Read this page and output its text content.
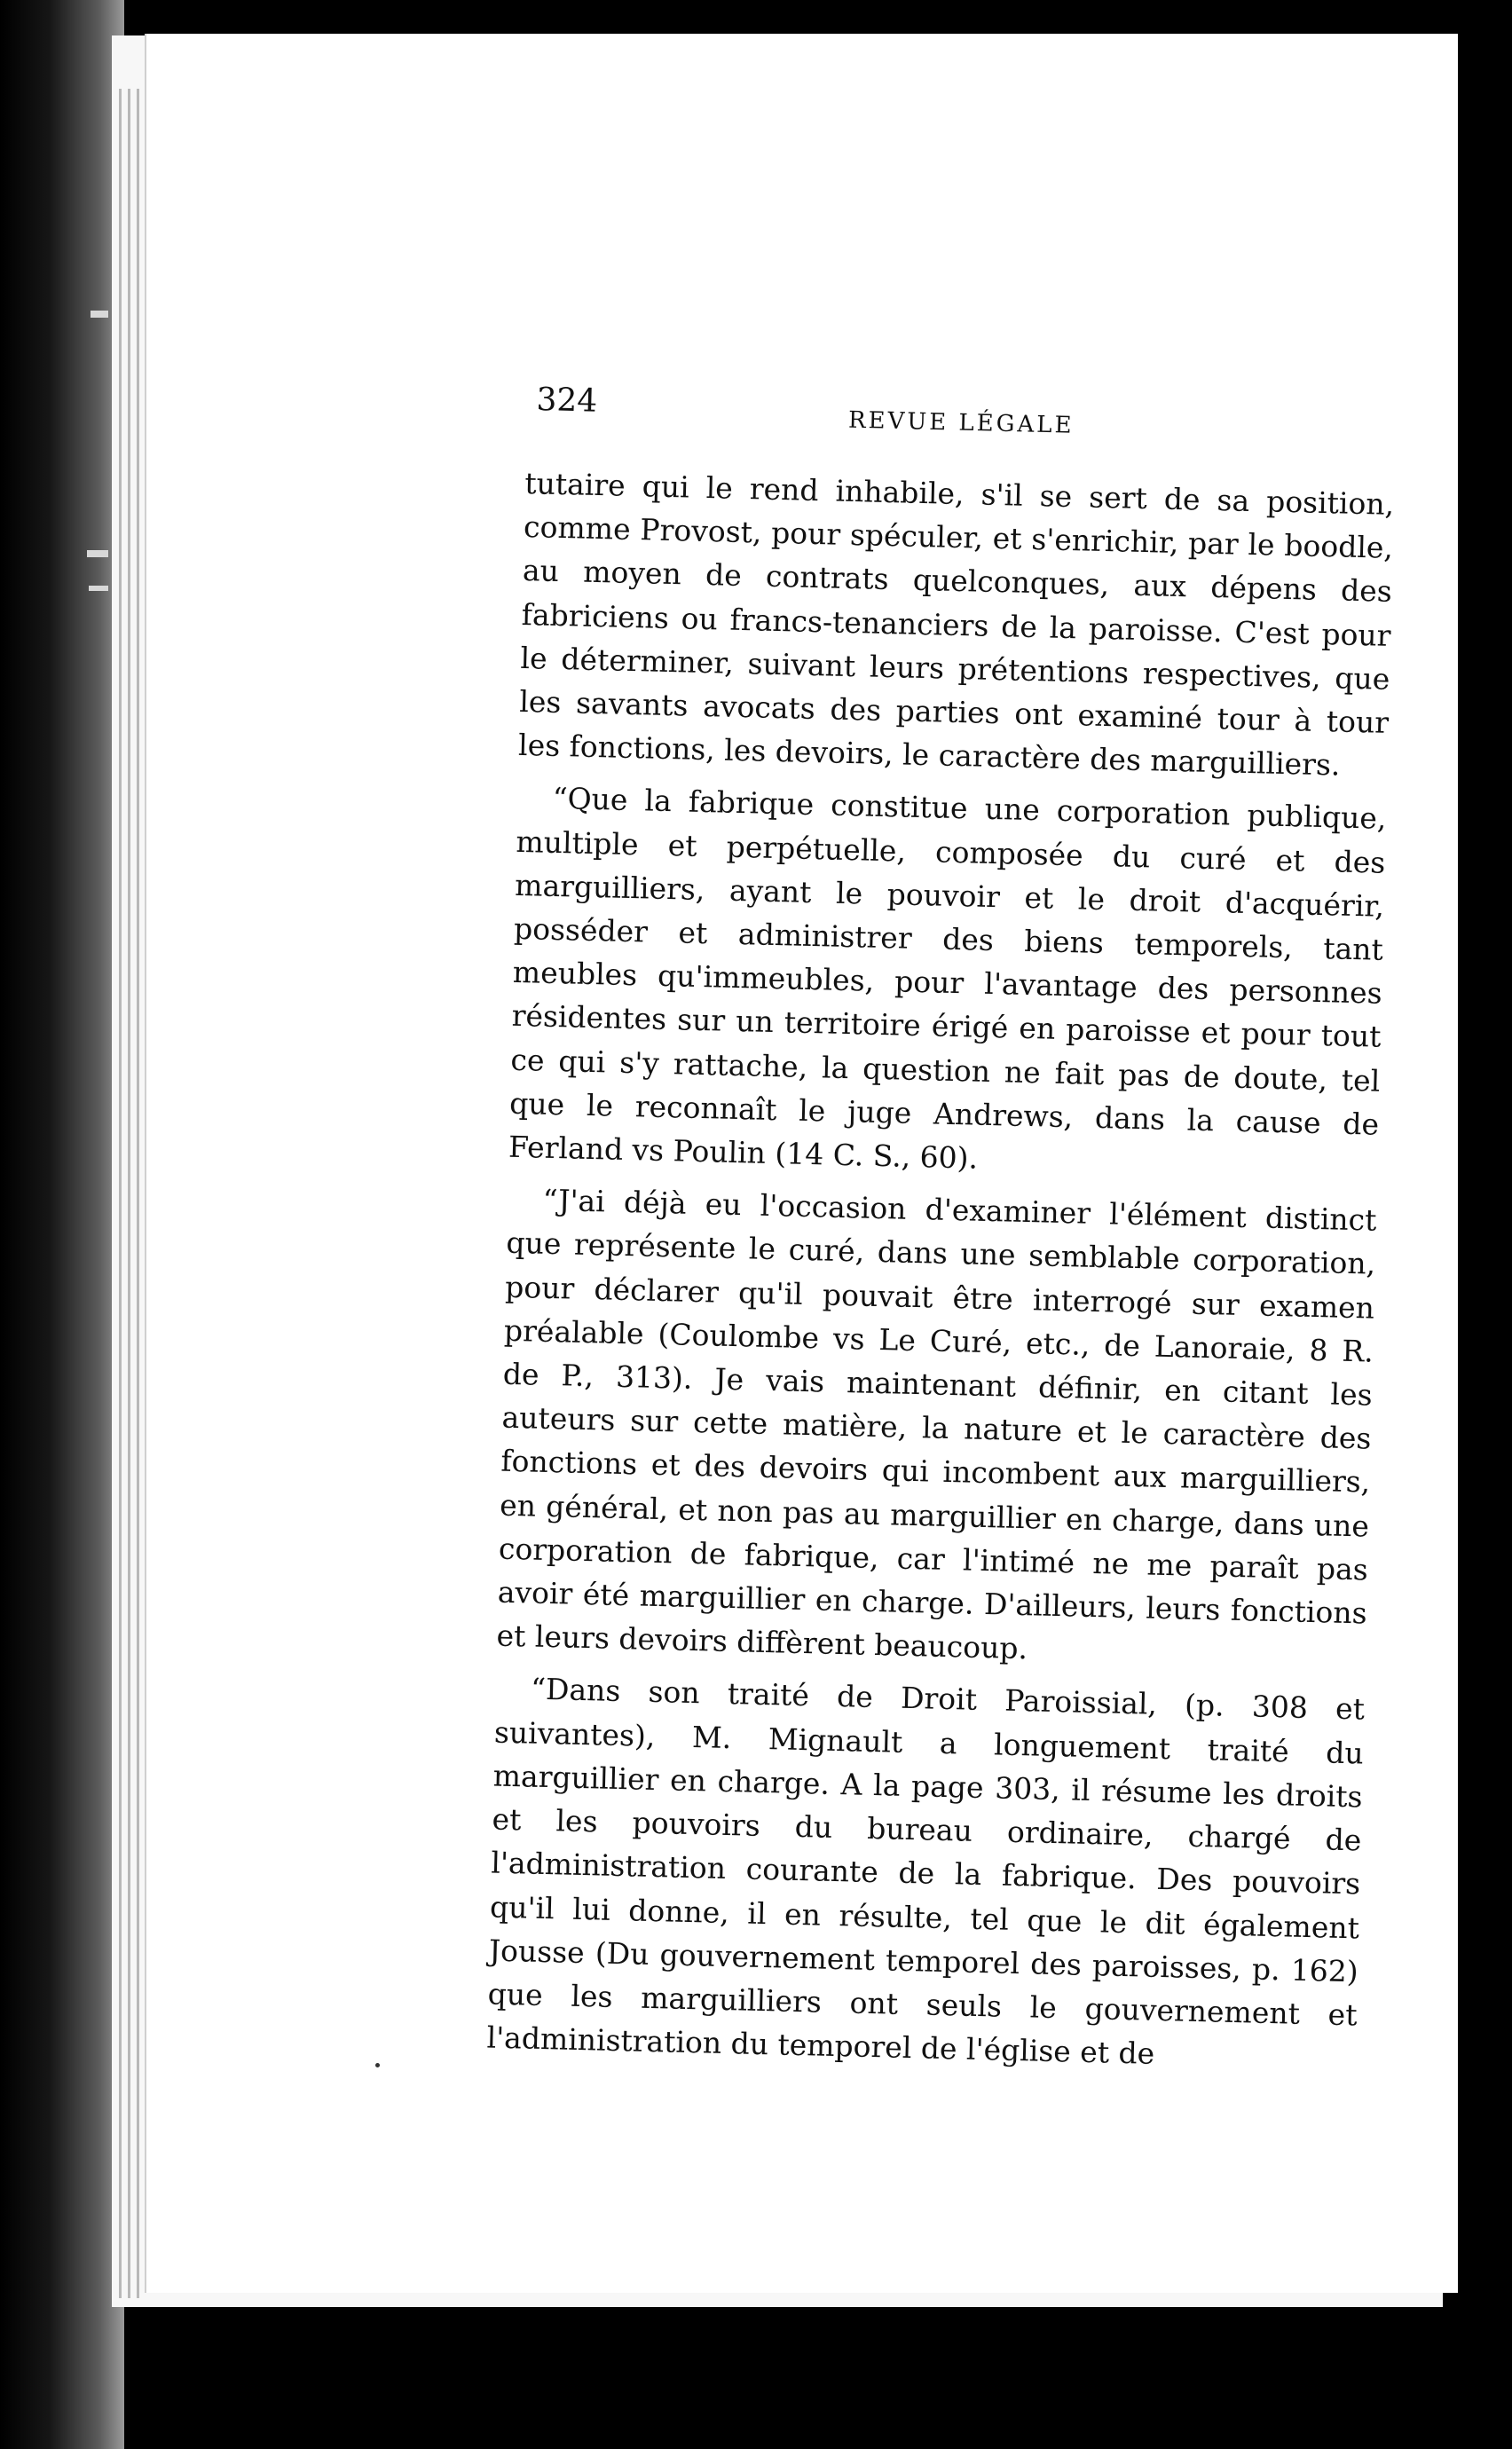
324
REVUE LÉGALE

tutaire qui le rend inhabile, s'il se sert de sa position, comme Provost, pour spéculer, et s'enrichir, par le boodle, au moyen de contrats quelconques, aux dépens des fabriciens ou francs-tenanciers de la paroisse. C'est pour le déterminer, suivant leurs prétentions respectives, que les savants avocats des parties ont examiné tour à tour les fonctions, les devoirs, le caractère des marguilliers.

“Que la fabrique constitue une corporation publique, multiple et perpétuelle, composée du curé et des marguilliers, ayant le pouvoir et le droit d'acquérir, posséder et administrer des biens temporels, tant meubles qu'immeubles, pour l'avantage des personnes résidentes sur un territoire érigé en paroisse et pour tout ce qui s'y rattache, la question ne fait pas de doute, tel que le reconnaît le juge Andrews, dans la cause de Ferland vs Poulin (14 C. S., 60).

“J'ai déjà eu l'occasion d'examiner l'élément distinct que représente le curé, dans une semblable corporation, pour déclarer qu'il pouvait être interrogé sur examen préalable (Coulombe vs Le Curé, etc., de Lanoraie, 8 R. de P., 313). Je vais maintenant définir, en citant les auteurs sur cette matière, la nature et le caractère des fonctions et des devoirs qui incombent aux marguilliers, en général, et non pas au marguillier en charge, dans une corporation de fabrique, car l'intimé ne me paraît pas avoir été marguillier en charge. D'ailleurs, leurs fonctions et leurs devoirs diffèrent beaucoup.

“Dans son traité de Droit Paroissial, (p. 308 et suivantes), M. Mignault a longuement traité du marguillier en charge. A la page 303, il résume les droits et les pouvoirs du bureau ordinaire, chargé de l'administration courante de la fabrique. Des pouvoirs qu'il lui donne, il en résulte, tel que le dit également Jousse (Du gouvernement temporel des paroisses, p. 162) que les marguilliers ont seuls le gouvernement et l'administration du temporel de l'église et de
